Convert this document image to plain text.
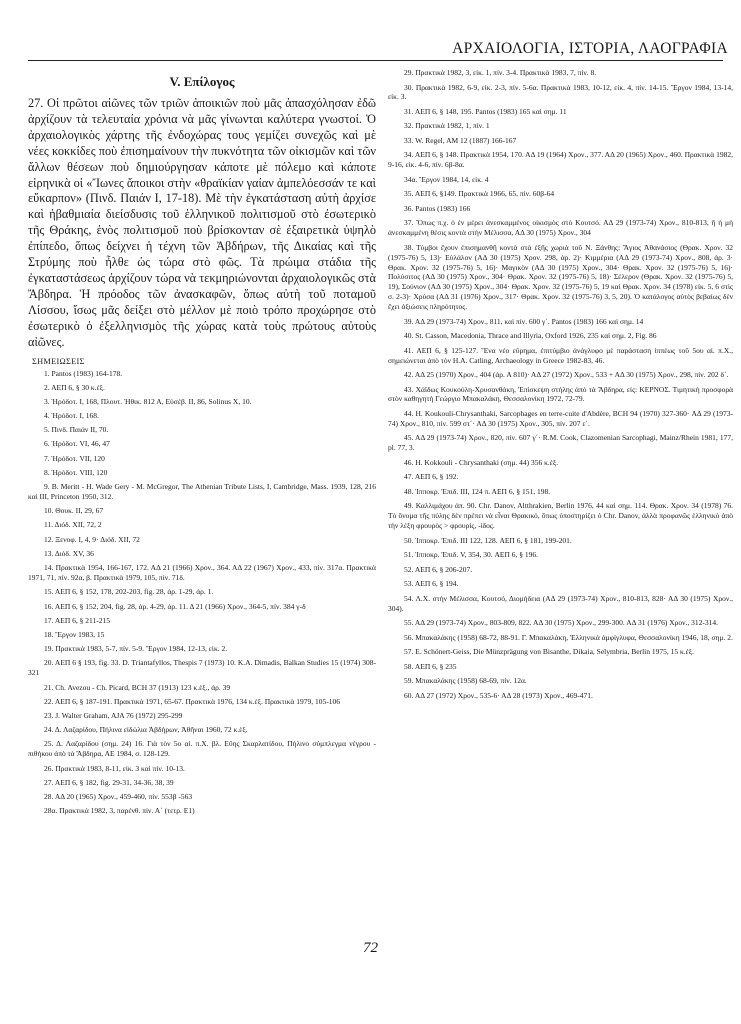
ΑΡΧΑΙΟΛΟΓΙΑ, ΙΣΤΟΡΙΑ, ΛΑΟΓΡΑΦΙΑ
V. Επίλογος

27. Οἱ πρῶτοι αἰῶνες τῶν τριῶν ἀποικιῶν ποὺ μᾶς ἀπασχόλησαν ἐδῶ ἀρχίζουν τὰ τελευταία χρόνια νὰ μᾶς γίνωνται καλύτερα γνωστοί. Ὁ ἀρχαιολογικὸς χάρτης τῆς ἐνδοχώρας τους γεμίζει συνεχῶς καὶ μὲ νέες κοκκίδες ποὺ ἐπισημαίνουν τὴν πυκνότητα τῶν οἰκισμῶν καὶ τῶν ἄλλων θέσεων ποὺ δημιούργησαν κάποτε μὲ πόλεμο καὶ κάποτε εἰρηνικὰ οἱ «Ἴωνες ἄποικοι στὴν «θραϊκίαν γαίαν ἀμπελόεσσάν τε καὶ εὔκαρπον» (Πινδ. Παιάν I, 17-18). Μὲ τὴν ἐγκατάσταση αὐτὴ ἀρχίσε καὶ ἡβαθμιαία διείσδυσις τοῦ ἑλληνικοῦ πολιτισμοῦ στὸ ἐσωτερικὸ τῆς Θράκης, ἑνὸς πολιτισμοῦ ποὺ βρίσκονταν σὲ ἐξαιρετικὰ ὑψηλὸ ἐπίπεδο, ὅπως δείχνει ἡ τέχνη τῶν Ἀβδήρων, τῆς Δικαίας καὶ τῆς Στρύμης ποὺ ἦλθε ὡς τώρα στὸ φῶς. Τὰ πρώιμα στάδια τῆς ἐγκαταστάσεως ἀρχίζουν τώρα νὰ τεκμηριώνονται ἀρχαιολογικῶς στὰ Ἄβδηρα. Ἡ πρόοδος τῶν ἀνασκαφῶν, ὅπως αὐτὴ τοῦ ποταμοῦ Λίσσου, ἴσως μᾶς δείξει στὸ μέλλον μὲ ποιὸ τρόπο προχώρησε στὸ ἐσωτερικὸ ὁ ἐξελληνισμὸς τῆς χώρας κατὰ τοὺς πρώτους αὐτοὺς αἰῶνες.

ΣΗΜΕΙΩΣΕΙΣ
1. Pantos (1983) 164-178.
2. ΑΕΠ 6, § 30 κ.ἑξ.
3. Ἡρόδοτ. I, 168, Πλουτ. Ἠθικ. 812 Α, Εὐσέβ. II, 86, Solinus X, 10.
4. Ἡρόδοτ. I, 168.
5. Πινδ. Παιάν II, 70.
6. Ἡρόδοτ. VI, 46, 47
7. Ἡρόδοτ. VII, 120
8. Ἡρόδοτ. VIII, 120
9. B. Meritt - H. Wade Gery - M. McGregor, The Athenian Tribute Lists, I, Cambridge, Mass. 1939, 128, 216 καὶ III, Princeton 1950, 312.
10. Θουκ. II, 29, 67
11. Διόδ. XII, 72, 2
12. Ξενοφ. I, 4, 9· Διόδ. XII, 72
13. Διόδ. XV, 36
14. Πρακτικὰ 1954, 166-167, 172. ΑΔ 21 (1966) Χρον., 364. ΑΔ 22 (1967) Χρον., 433, πίν. 317α. Πρακτικὰ 1971, 71, πίν. 92α, β. Πρακτικὰ 1979, 105, πίν. 71δ.
15. ΑΕΠ 6, § 152, 178, 202-203, fig. 28, ἀρ. 1-29, ἀρ. 1.
16. ΑΕΠ 6, § 152, 204, fig. 28, ἀρ. 4-29, ἀρ. 11. Δ 21 (1966) Χρον., 364-5, πίν. 384 γ-δ
17. ΑΕΠ 6, § 211-215
18. Ἔργον 1983, 15
19. Πρακτικὰ 1983, 5-7, πίν. 5-9. Ἔργον 1984, 12-13, εἰκ. 2.
20. ΑΕΠ 6 § 193, fig. 33. D. Triantafyllos, Thespis 7 (1973) 10. K.A. Dimadis, Balkan Studies 15 (1974) 308-321
21. Ch. Avezou - Ch. Picard, BCH 37 (1913) 123 κ.ἑξ., ἀρ. 39
22. ΑΕΠ 6, § 187-191. Πρακτικὰ 1971, 65-67. Πρακτικὰ 1976, 134 κ.ἑξ. Πρακτικὰ 1979, 105-106
23. J. Walter Graham, AJA 76 (1972) 295-299
24. Δ. Λαζαρίδου, Πήλινα εἰδώλια Ἀβδήρων, Ἀθῆναι 1960, 72 κ.ἑξ.
25. Δ. Λαζαρίδου (σημ. 24) 16. Γιὰ τὸν 5ο αἰ. π.Χ. βλ. Εὔης Σκαρλατίδου, Πήλινο σύμπλεγμα νέγρου - πιθήκου ἀπὸ τὰ Ἄβδηρα, ΑΕ 1984, σ. 128-129.
26. Πρακτικὰ 1983, 8-11, εἰκ. 3 καὶ πίν. 10-13.
27. ΑΕΠ 6, § 182, fig. 29-31, 34-36, 38, 39
28. ΑΔ 20 (1965) Χρον., 459-460, πίν. 553β -563
28α. Πρακτικὰ 1982, 3, παρένθ. πίν. Α΄ (τετρ. Ε1)
29. Πρακτικὰ 1982, 3, εἰκ. 1, πίν. 3-4. Πρακτικὰ 1983, 7, πίν. 8.
30. Πρακτικὰ 1982, 6-9, εἰκ. 2-3, πίν. 5-6α. Πρακτικὰ 1983, 10-12, εἰκ. 4, πίν. 14-15. Ἔργον 1984, 13-14, εἰκ. 3.
31. ΑΕΠ 6, § 148, 195. Pantos (1983) 165 καὶ σημ. 11
32. Πρακτικὰ 1982, 1, πίν. 1
33. W. Regel, AM 12 (1887) 166-167
34. ΑΕΠ 6, § 148. Πρακτικὰ 1954, 170. ΑΔ 19 (1964) Χρον., 377. ΑΔ 20 (1965) Χρον., 460. Πρακτικὰ 1982, 9-16, εἰκ. 4-6, πίν. 6β-8α.
34α. Ἔργον 1984, 14, εἰκ. 4
35. ΑΕΠ 6, §149. Πρακτικὰ 1966, 65, πίν. 60β-64
36. Pantos (1983) 166
37. Ὅπως π.χ. ὁ ἐν μέρει ἀνεσκαμμένος οἰκισμὸς στὸ Κουτσό. ΑΔ 29 (1973-74) Χρον., 810-813, ἢ ἡ μὴ ἀνεσκαμμένη θέσις κοντὰ στὴν Μέλισσα, ΑΔ 30 (1975) Χρον., 304
38. Τύμβοι ἔχουν ἐπισημανθῆ κοντὰ στὰ ἑξῆς χωριὰ τοῦ Ν. Ξάνθης: Ἅγιος Ἀθανάσιος (Θρακ. Χρον. 32 (1975-76) 5, 13)· Εὐλάλον (ΑΔ 30 (1975) Χρον. 298, ἀρ. 2)· Κιμμέρια (ΑΔ 29 (1973-74) Χρον., 808, ἀρ. 3· Θρακ. Χρον. 32 (1975-76) 5, 16)· Μαγικὸν (ΑΔ 30 (1975) Χρον., 304· Θρακ. Χρον. 32 (1975-76) 5, 16)· Πολύσιτος (ΑΔ 30 (1975) Χρον., 304· Θρακ. Χρον. 32 (1975-76) 5, 18)· Σέλερον (Θρακ. Χρον. 32 (1975-76) 5, 19), Σούνιον (ΑΔ 30 (1975) Χρον., 304· Θρακ. Χρον. 32 (1975-76) 5, 19 καὶ Θρακ. Χρον. 34 (1978) εἰκ. 5, 6 στὶς σ. 2-3)· Χρύσα (ΑΔ 31 (1976) Χρον., 317· Θρακ. Χρον. 32 (1975-76) 3, 5, 20). Ὁ κατάλογος αὐτὸς βεβαίως δὲν ἔχει ἀξιώσεις πληρότητος.
39. ΑΔ 29 (1973-74) Χρον., 811, καὶ πίν. 600 γ΄. Pantos (1983) 166 καὶ σημ. 14
40. St. Casson, Macedonia, Thrace and Illyria, Oxford 1926, 235 καὶ σημ. 2, Fig. 86
41. ΑΕΠ 6, § 125-127. Ἕνα νέο εὕρημα, ἐπιτύμβιο ἀνάγλυφο μὲ παράσταση ἱππέως τοῦ 5ου αἰ. π.Χ., σημειώνεται ἀπὸ τὸν H.A. Catling, Archaeology in Greece 1982-83, 46.
42. ΑΔ 25 (1970) Χρον., 404 (ἀρ. Α 810)· ΑΔ 27 (1972) Χρον., 533 + ΑΔ 30 (1975) Χρον., 298, πίν. 202 δ΄.
43. Χάϊδως Κουκούλη-Χρυσανθάκη, Ἐπίσκεψη στήλης ἀπὸ τὰ Ἄβδηρα, εἰς: ΚΕΡΝΟΣ. Τιμητικὴ προσφορὰ στὸν καθηγητὴ Γεώργιο Μπακαλάκη, Θεσσαλονίκη 1972, 72-79.
44. H. Koukouli-Chrysanthaki, Sarcophages en terre-cuite d'Abdère, BCH 94 (1970) 327-360· ΑΔ 29 (1973-74) Χρον., 810, πίν. 599 στ΄· ΑΔ 30 (1975) Χρον., 305, πίν. 207 ε΄.
45. ΑΔ 29 (1973-74) Χρον., 820, πίν. 607 γ΄· R.M. Cook, Clazomenian Sarcophagi, Mainz/Rhein 1981, 177, pl. 77, 3.
46. H. Kokkouli - Chrysanthaki (σημ. 44) 356 κ.ἑξ.
47. ΑΕΠ 6, § 192.
48. Ἱπποκρ. Ἐπιδ. III, 124 π. ΑΕΠ 6, § 151, 198.
49. Καλλιμάχου ἀπ. 90. Chr. Danov, Altthrakien, Berlin 1976, 44 καὶ σημ. 114. Θρακ. Χρον. 34 (1978) 76. Τὸ ὄνομα τῆς πύλης δὲν πρέπει νὰ εἶναι Θρακικό, ὅπως ὑποστηρίζει ὁ Chr. Danov, ἀλλὰ προφανῶς ἑλληνικὸ ἀπὸ τὴν λέξη φρουρὸς > φρουρίς, -ίδος.
50. Ἱπποκρ. Ἐπιδ. III 122, 128. ΑΕΠ 6, § 181, 199-201.
51. Ἱπποκρ. Ἐπιδ. V, 354, 30. ΑΕΠ 6, § 196.
52. ΑΕΠ 6, § 206-207.
53. ΑΕΠ 6, § 194.
54. Λ.Χ. στὴν Μέλισσα, Κουτσό, Διομήδεια (ΑΔ 29 (1973-74) Χρον., 810-813, 828· ΑΔ 30 (1975) Χρον., 304).
55. ΑΔ 29 (1973-74) Χρον., 803-809, 822. ΑΔ 30 (1975) Χρον., 299-300. ΑΔ 31 (1976) Χρον., 312-314.
56. Μπακαλάκης (1958) 68-72, 88-91. Γ. Μπακαλάκη, Ἑλληνικὰ ἀμφίγλυφα, Θεσσαλονίκη 1946, 18, σημ. 2.
57. E. Schönert-Geiss, Die Münzprägung von Bisanthe, Dikaia, Selymbria, Berlin 1975, 15 κ.ἑξ.
58. ΑΕΠ 6, § 235
59. Μπακαλάκης (1958) 68-69, πίν. 12α.
60. ΑΔ 27 (1972) Χρον., 535-6· ΑΔ 28 (1973) Χρον., 469-471.
72
